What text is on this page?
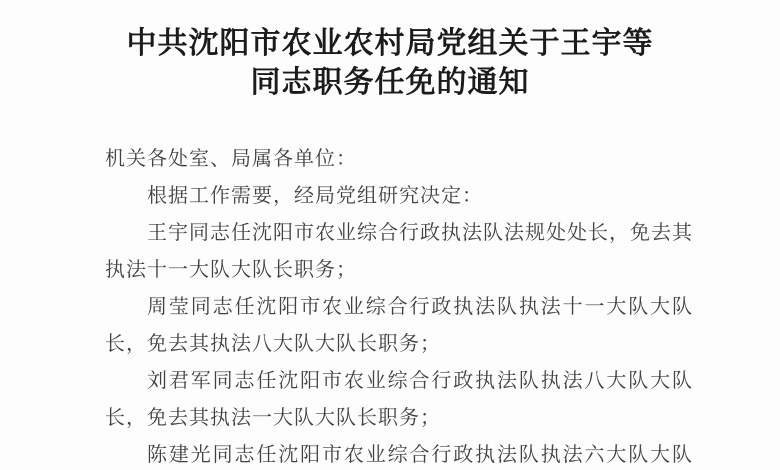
中共沈阳市农业农村局党组关于王宇等
同志职务任免的通知
机关各处室、局属各单位：
根据工作需要，经局党组研究决定：
王宇同志任沈阳市农业综合行政执法队法规处处长，免去其
执法十一大队大队长职务；
周莹同志任沈阳市农业综合行政执法队执法十一大队大队
长，免去其执法八大队大队长职务；
刘君军同志任沈阳市农业综合行政执法队执法八大队大队
长，免去其执法一大队大队长职务；
陈建光同志任沈阳市农业综合行政执法队执法六大队大队
